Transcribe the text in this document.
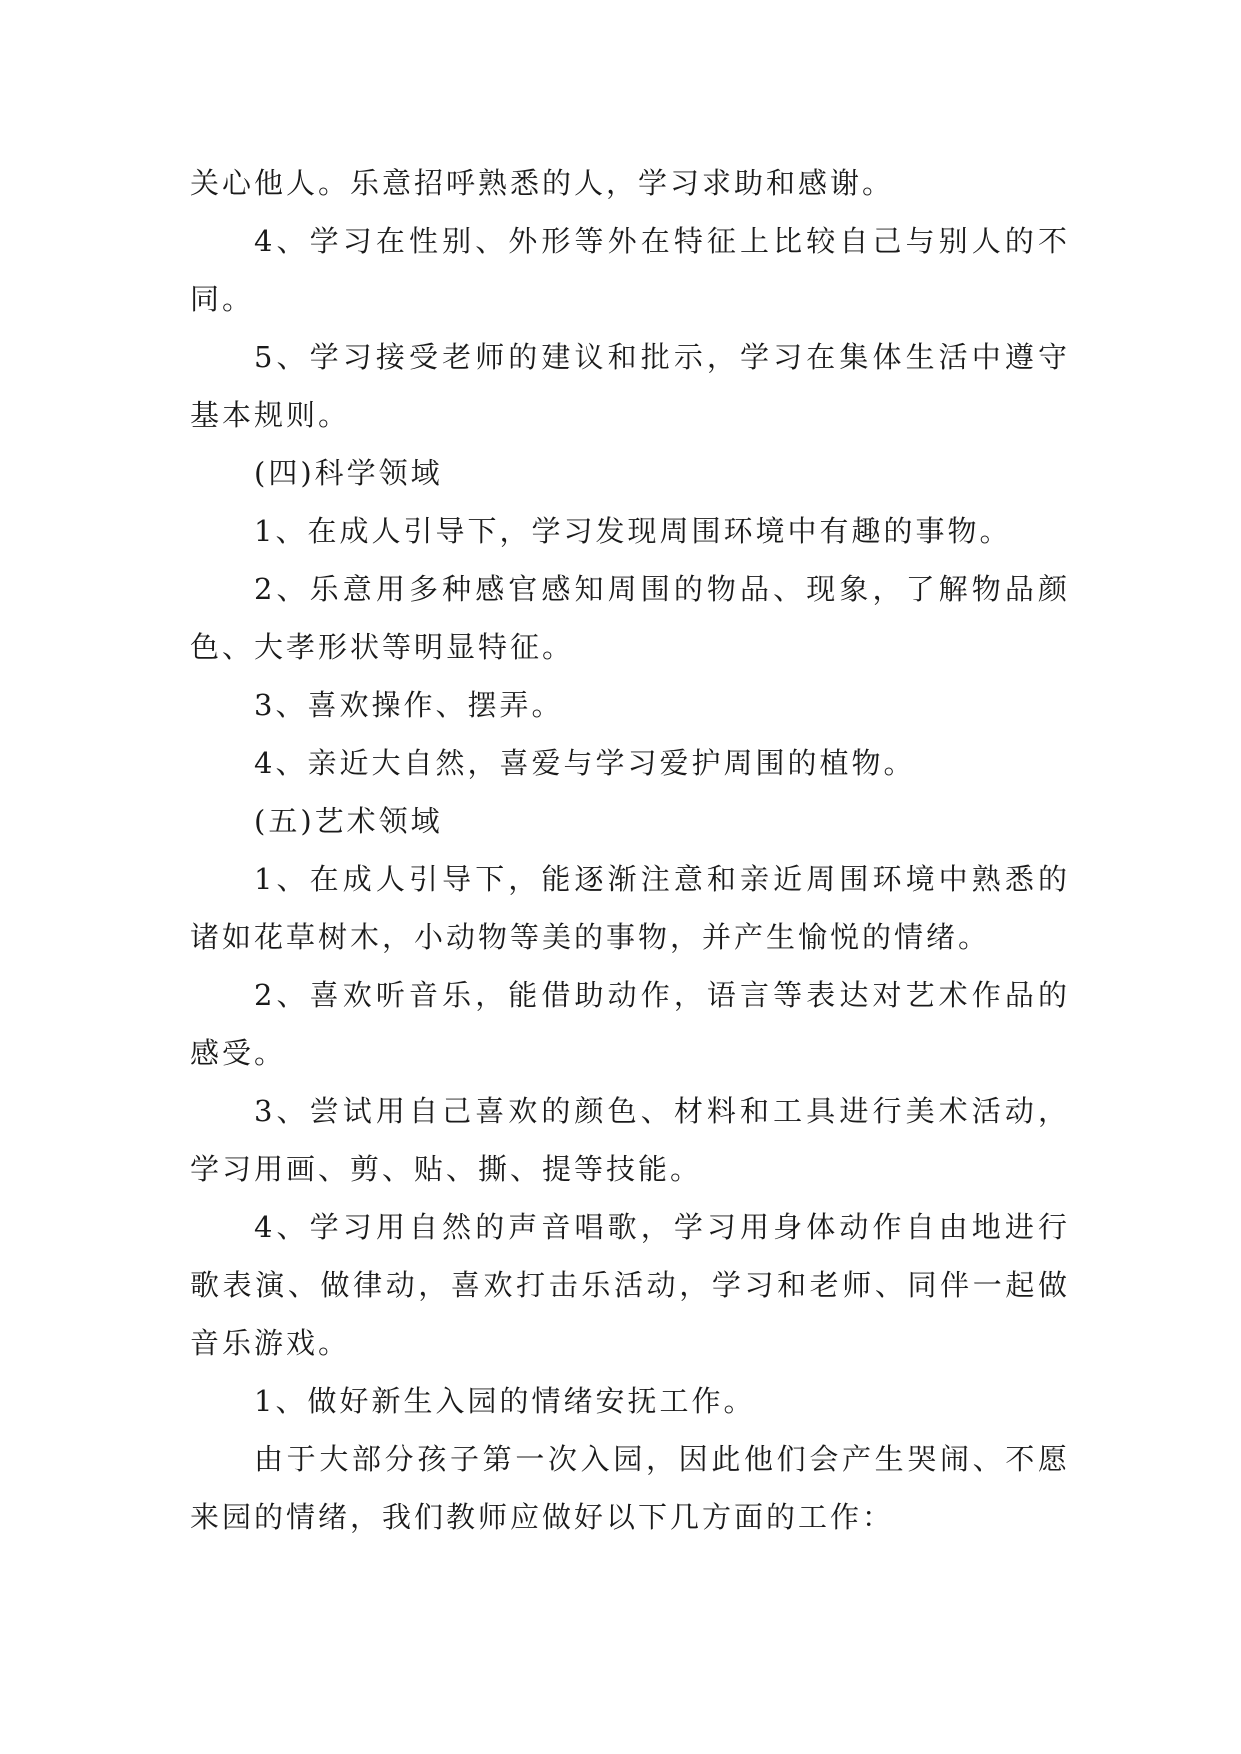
关心他人。乐意招呼熟悉的人，学习求助和感谢。

4、学习在性别、外形等外在特征上比较自己与别人的不同。

5、学习接受老师的建议和批示，学习在集体生活中遵守基本规则。

(四)科学领域

1、在成人引导下，学习发现周围环境中有趣的事物。

2、乐意用多种感官感知周围的物品、现象，了解物品颜色、大孝形状等明显特征。

3、喜欢操作、摆弄。

4、亲近大自然，喜爱与学习爱护周围的植物。

(五)艺术领域

1、在成人引导下，能逐渐注意和亲近周围环境中熟悉的诸如花草树木，小动物等美的事物，并产生愉悦的情绪。

2、喜欢听音乐，能借助动作，语言等表达对艺术作品的感受。

3、尝试用自己喜欢的颜色、材料和工具进行美术活动，学习用画、剪、贴、撕、提等技能。

4、学习用自然的声音唱歌，学习用身体动作自由地进行歌表演、做律动，喜欢打击乐活动，学习和老师、同伴一起做音乐游戏。

1、做好新生入园的情绪安抚工作。

由于大部分孩子第一次入园，因此他们会产生哭闹、不愿来园的情绪，我们教师应做好以下几方面的工作：
